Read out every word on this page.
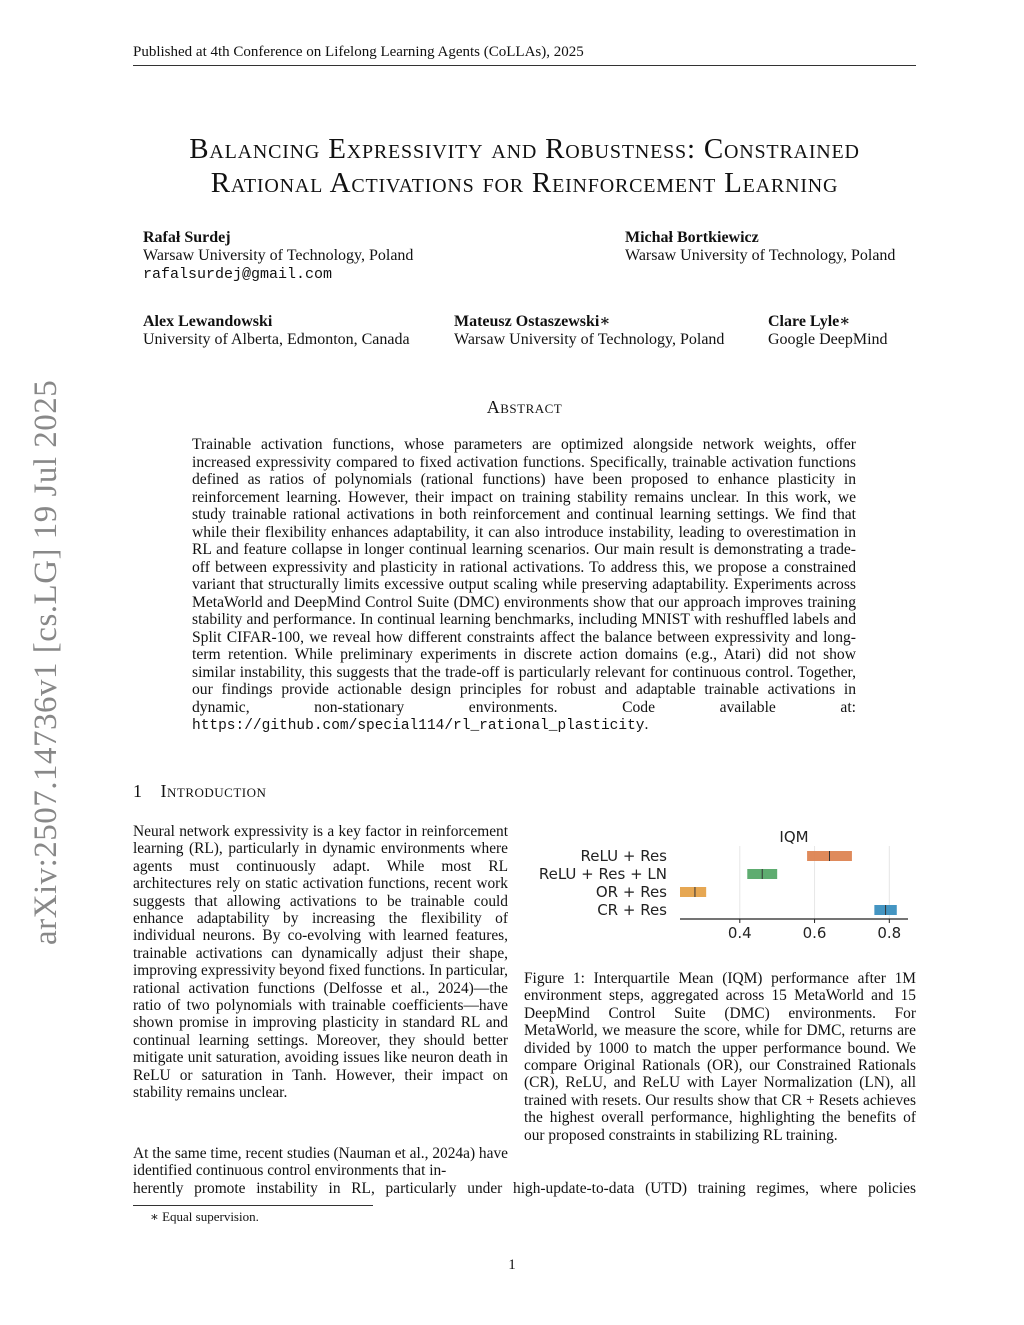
Published at 4th Conference on Lifelong Learning Agents (CoLLAs), 2025
arXiv:2507.14736v1 [cs.LG] 19 Jul 2025
Balancing Expressivity and Robustness: Constrained
Rational Activations for Reinforcement Learning
Rafał Surdej
Warsaw University of Technology, Poland
rafalsurdej@gmail.com
Michał Bortkiewicz
Warsaw University of Technology, Poland
Alex Lewandowski
University of Alberta, Edmonton, Canada
Mateusz Ostaszewski∗
Warsaw University of Technology, Poland
Clare Lyle∗
Google DeepMind
Abstract
Trainable activation functions, whose parameters are optimized alongside network weights, offer increased expressivity compared to fixed activation functions. Specifically, trainable activation functions defined as ratios of polynomials (rational functions) have been proposed to enhance plasticity in reinforcement learning. However, their impact on training stability remains unclear. In this work, we study trainable rational activations in both reinforcement and continual learning settings. We find that while their flexibility enhances adaptability, it can also introduce instability, leading to overestimation in RL and feature collapse in longer continual learning scenarios. Our main result is demonstrating a trade-off between expressivity and plasticity in rational activations. To address this, we propose a constrained variant that structurally limits excessive output scaling while preserving adaptability. Experiments across MetaWorld and DeepMind Control Suite (DMC) environments show that our approach improves training stability and performance. In continual learning benchmarks, including MNIST with reshuffled labels and Split CIFAR-100, we reveal how different constraints affect the balance between expressivity and long-term retention. While preliminary experiments in discrete action domains (e.g., Atari) did not show similar instability, this suggests that the trade-off is particularly relevant for continuous control. Together, our findings provide actionable design principles for robust and adaptable trainable activations in dynamic, non-stationary environments. Code available at: https://github.com/special114/rl_rational_plasticity.
1 Introduction
Neural network expressivity is a key factor in reinforcement learning (RL), particularly in dynamic environments where agents must continuously adapt. While most RL architectures rely on static activation functions, recent work suggests that allowing activations to be trainable could enhance adaptability by increasing the flexibility of individual neurons. By co-evolving with learned features, trainable activations can dynamically adjust their shape, improving expressivity beyond fixed functions. In particular, rational activation functions (Delfosse et al., 2024)—the ratio of two polynomials with trainable coefficients—have shown promise in improving plasticity in standard RL and continual learning settings. Moreover, they should better mitigate unit saturation, avoiding issues like neuron death in ReLU or saturation in Tanh. However, their impact on stability remains unclear.
At the same time, recent studies (Nauman et al., 2024a) have identified continuous control environments that in-
herently promote instability in RL, particularly under high-update-to-data (UTD) training regimes, where policies
IQM
ReLU + Res
ReLU + Res + LN
OR + Res
CR + Res
0.4	0.6	0.8
Figure 1: Interquartile Mean (IQM) performance after 1M environment steps, aggregated across 15 MetaWorld and 15 DeepMind Control Suite (DMC) environments. For MetaWorld, we measure the score, while for DMC, returns are divided by 1000 to match the upper performance bound. We compare Original Rationals (OR), our Constrained Rationals (CR), ReLU, and ReLU with Layer Normalization (LN), all trained with resets. Our results show that CR + Resets achieves the highest overall performance, highlighting the benefits of our proposed constraints in stabilizing RL training.
∗ Equal supervision.
1
